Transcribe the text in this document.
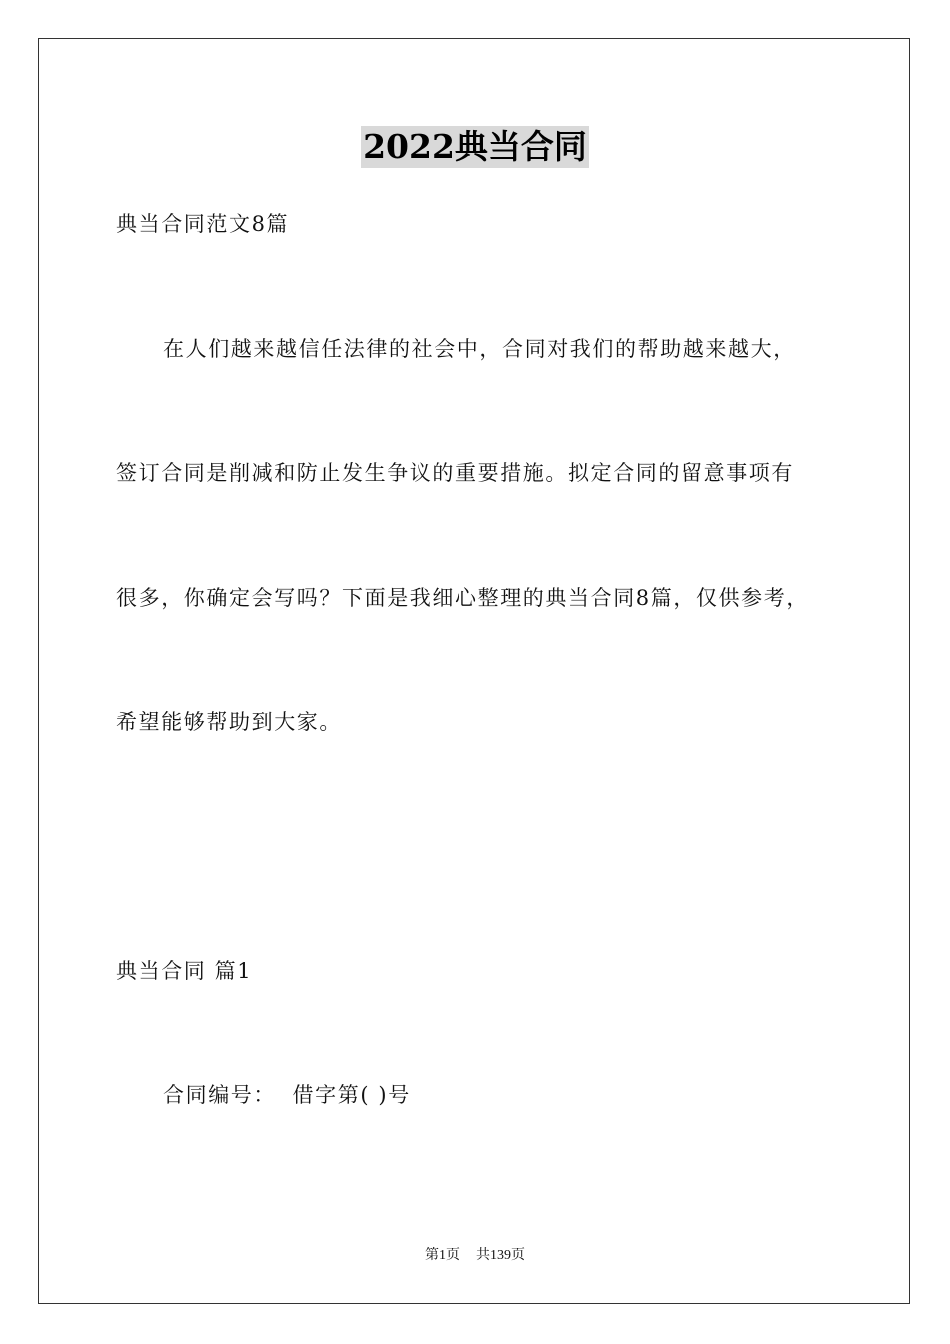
2022典当合同
典当合同范文8篇
在人们越来越信任法律的社会中，合同对我们的帮助越来越大，
签订合同是削减和防止发生争议的重要措施。拟定合同的留意事项有
很多，你确定会写吗？下面是我细心整理的典当合同8篇，仅供参考，
希望能够帮助到大家。
典当合同 篇1
合同编号：  借字第( )号
第1页 共139页
